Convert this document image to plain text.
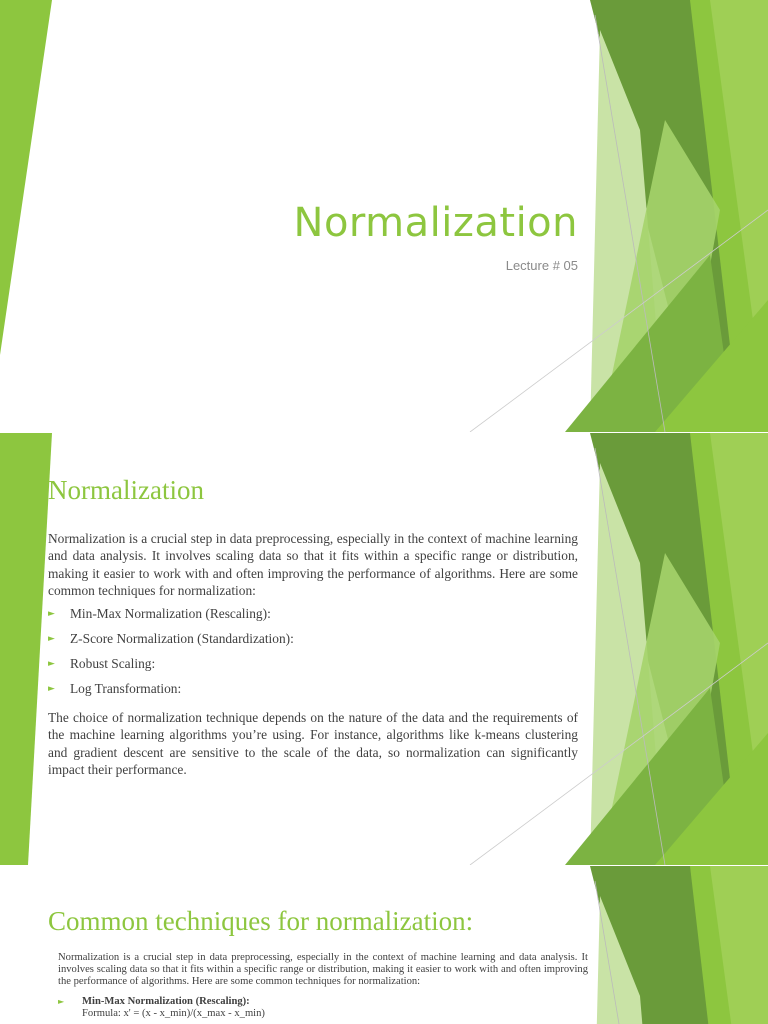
Normalization
Lecture # 05
Normalization

Normalization is a crucial step in data preprocessing, especially in the context of machine learning and data analysis. It involves scaling data so that it fits within a specific range or distribution, making it easier to work with and often improving the performance of algorithms. Here are some common techniques for normalization:

► Min-Max Normalization (Rescaling):
► Z-Score Normalization (Standardization):
► Robust Scaling:
► Log Transformation:

The choice of normalization technique depends on the nature of the data and the requirements of the machine learning algorithms you’re using. For instance, algorithms like k-means clustering and gradient descent are sensitive to the scale of the data, so normalization can significantly impact their performance.

Common techniques for normalization:

Normalization is a crucial step in data preprocessing, especially in the context of machine learning and data analysis. It involves scaling data so that it fits within a specific range or distribution, making it easier to work with and often improving the performance of algorithms. Here are some common techniques for normalization:

► Min-Max Normalization (Rescaling):
Formula: x' = (x - x_min)/(x_max - x_min)
